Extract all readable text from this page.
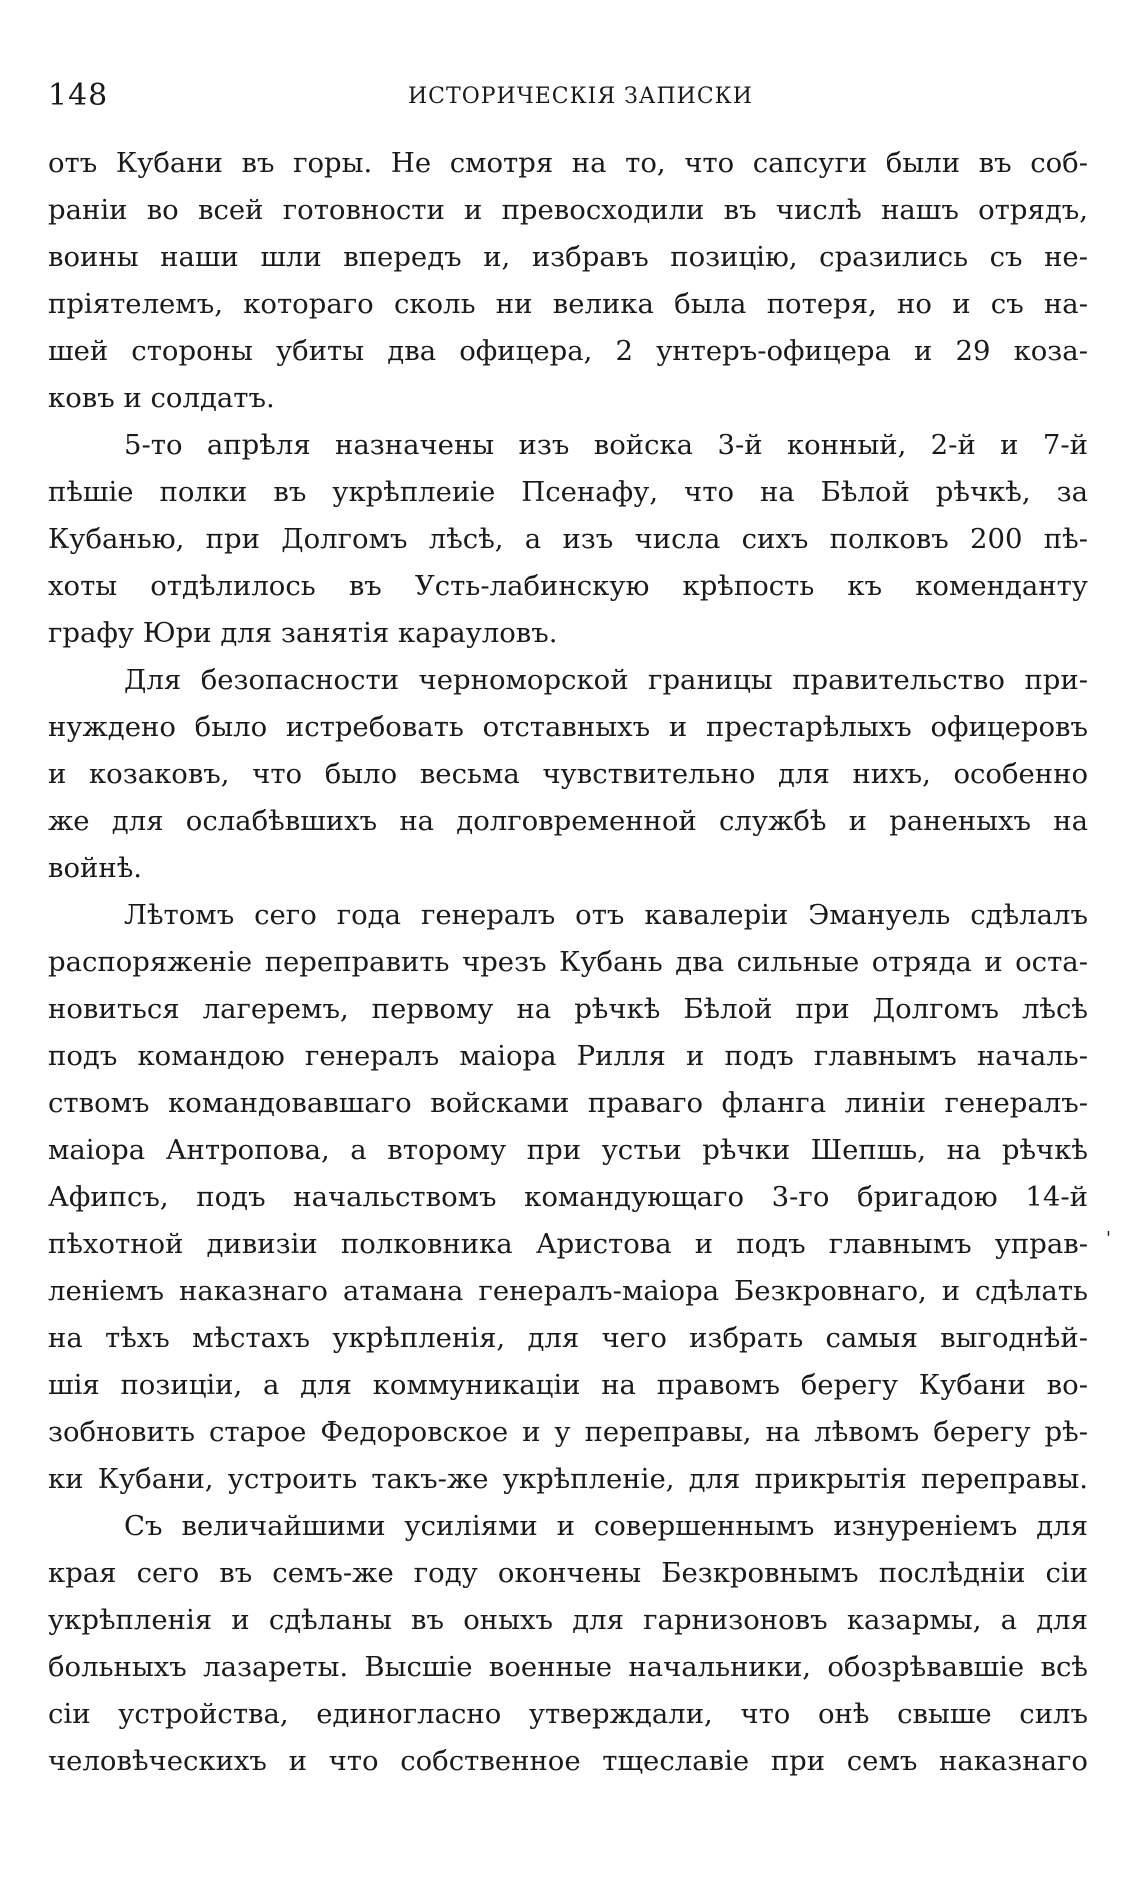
148	ИСТОРИЧЕСКІЯ ЗАПИСКИ
отъ Кубани въ горы. Не смотря на то, что сапсуги были въ соб-
раніи во всей готовности и превосходили въ числѣ нашъ отрядъ,
воины наши шли впередъ и, избравъ позицію, сразились съ не-
пріятелемъ, котораго сколь ни велика была потеря, но и съ на-
шей стороны убиты два офицера, 2 унтеръ-офицера и 29 коза-
ковъ и солдатъ.
5-то апрѣля назначены изъ войска 3-й конный, 2-й и 7-й
пѣшіе полки въ укрѣплеиіе Псенафу, что на Бѣлой рѣчкѣ, за
Кубанью, при Долгомъ лѣсѣ, а изъ числа сихъ полковъ 200 пѣ-
хоты отдѣлилось въ Усть-лабинскую крѣпость къ коменданту
графу Юри для занятія карауловъ.
Для безопасности черноморской границы правительство при-
нуждено было истребовать отставныхъ и престарѣлыхъ офицеровъ
и козаковъ, что было весьма чувствительно для нихъ, особенно
же для ослабѣвшихъ на долговременной службѣ и раненыхъ на
войнѣ.
Лѣтомъ сего года генералъ отъ кавалеріи Эмануель сдѣлалъ
распоряженіе переправить чрезъ Кубань два сильные отряда и оста-
новиться лагеремъ, первому на рѣчкѣ Бѣлой при Долгомъ лѣсѣ
подъ командою генералъ маіора Рилля и подъ главнымъ началь-
ствомъ командовавшаго войсками праваго фланга линіи генералъ-
маіора Антропова, а второму при устьи рѣчки Шепшь, на рѣчкѣ
Афипсъ, подъ начальствомъ командующаго 3-го бригадою 14-й
пѣхотной дивизіи полковника Аристова и подъ главнымъ управ-
леніемъ наказнаго атамана генералъ-маіора Безкровнаго, и сдѣлать
на тѣхъ мѣстахъ укрѣпленія, для чего избрать самыя выгоднѣй-
шія позиціи, а для коммуникаціи на правомъ берегу Кубани во-
зобновить старое Федоровское и у переправы, на лѣвомъ берегу рѣ-
ки Кубани, устроить такъ-же укрѣпленіе, для прикрытія переправы.
Съ величайшими усиліями и совершеннымъ изнуреніемъ для
края сего въ семъ-же году окончены Безкровнымъ послѣдніи сіи
укрѣпленія и сдѣланы въ оныхъ для гарнизоновъ казармы, а для
больныхъ лазареты. Высшіе военные начальники, обозрѣвавшіе всѣ
сіи устройства, единогласно утверждали, что онѣ свыше силъ
человѣческихъ и что собственное тщеславіе при семъ наказнаго
'
